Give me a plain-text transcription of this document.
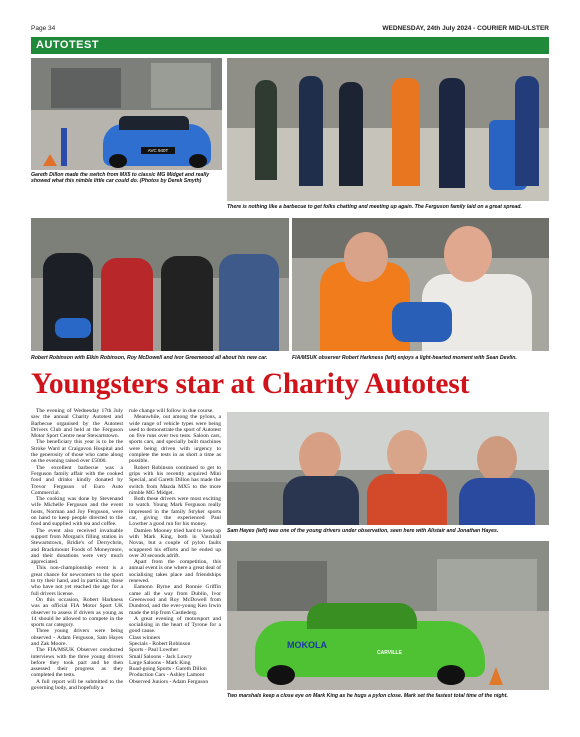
Page 34	WEDNESDAY, 24th July 2024 - COURIER MID-ULSTER
AUTOTEST
AVC 940T
Gareth Dillon made the switch from MX5 to classic MG Midget and really showed what this nimble little car could do. (Photos by Derek Smyth)
There is nothing like a barbecue to get folks chatting and meeting up again. The Ferguson family laid on a great spread.
Robert Robinson with Elkin Robinson, Roy McDowell and Ivor Greenwood all about his new car.	FIA/MSUK observer Robert Harkness (left) enjoys a light-hearted moment with Sean Devlin.
Youngsters star at Charity Autotest

The evening of Wednesday 17th July saw the annual Charity Autotest and Barbecue organised by the Autotest Drivers Club and held at the Ferguson Motor Sport Centre near Stewartstown.

The beneficiary this year is to be the Stroke Ward at Craigavon Hospital and the generosity of those who came along on the evening raised over £5000.

The excellent barbecue was a Ferguson family affair with the cooked food and drinks kindly donated by Trevor Ferguson of Euro Auto Commercial.

The cooking was done by Stevenand wife Michelle Ferguson and the event hosts, Norman and Joy Ferguson, were on hand to keep people directed to the food and supplied with tea and coffee.

The event also received invaluable support from Morgan's filling station in Stewartstown, Bridie's of Derrychrin, and Brackmount Foods of Moneymore, and their donations were very much appreciated.

This non-championship event is a great chance for newcomers to the sport to try their hand, and in particular, those who have not yet reached the age for a full drivers license.

On this occasion, Robert Harkness was an official FIA Motor Sport UK observer to assess if drivers as young as 14 should be allowed to compete in the sports car category.

Three young drivers were being observed - Adam Ferguson, Sam Hayes and Zak Moore.

The FIA/MSUK Observer conducted interviews with the three young drivers before they took part and he then assessed their progress as they completed the tests.

A full report will be submitted to the governing body, and hopefully a

rule change will follow in due course.

Meanwhile, out among the pylons, a wide range of vehicle types were being used to demonstrate the sport of Autotest on five runs over two tests. Saloon cars, sports cars, and specially built machines were being driven with urgency to complete the tests in as short a time as possible.

Robert Robinson continued to get to grips with his recently acquired Mini Special, and Gareth Dillon has made the switch from Mazda MX5 to the more nimble MG Midget.

Both these drivers were most exciting to watch. Young Mark Ferguson really impressed in the family Stryker sports car, giving the experienced Paul Lowther a good run for his money.

Damien Mooney tried hard to keep up with Mark King, both in Vauxhall Novas, but a couple of pylon faults scuppered his efforts and he ended up over 20 seconds adrift.

Apart from the competition, this annual event is one where a great deal of socialising takes place and friendships renewed.

Eamonn Byrne and Ronnie Griffin came all the way from Dublin, Ivor Greenwood and Roy McDowell from Dundrod, and the ever-young Ken Irwin made the trip from Castlederg.

A great evening of motorsport and socialising in the heart of Tyrone for a good cause.

Class winners

Specials - Robert Robinson

Sports - Paul Lowther

Small Saloons - Jack Lowry

Large Saloons - Mark King

Road-going Sports - Gareth Dillon

Production Cars - Ashley Lamont

Observed Juniors - Adam Ferguson

Sam Hayes (left) was one of the young drivers under observation, seen here with Alistair and Jonathan Hayes.
MOKOLA
CARVILLE
Two marshals keep a close eye on Mark King as he hugs a pylon close. Mark set the fastest total time of the night.
